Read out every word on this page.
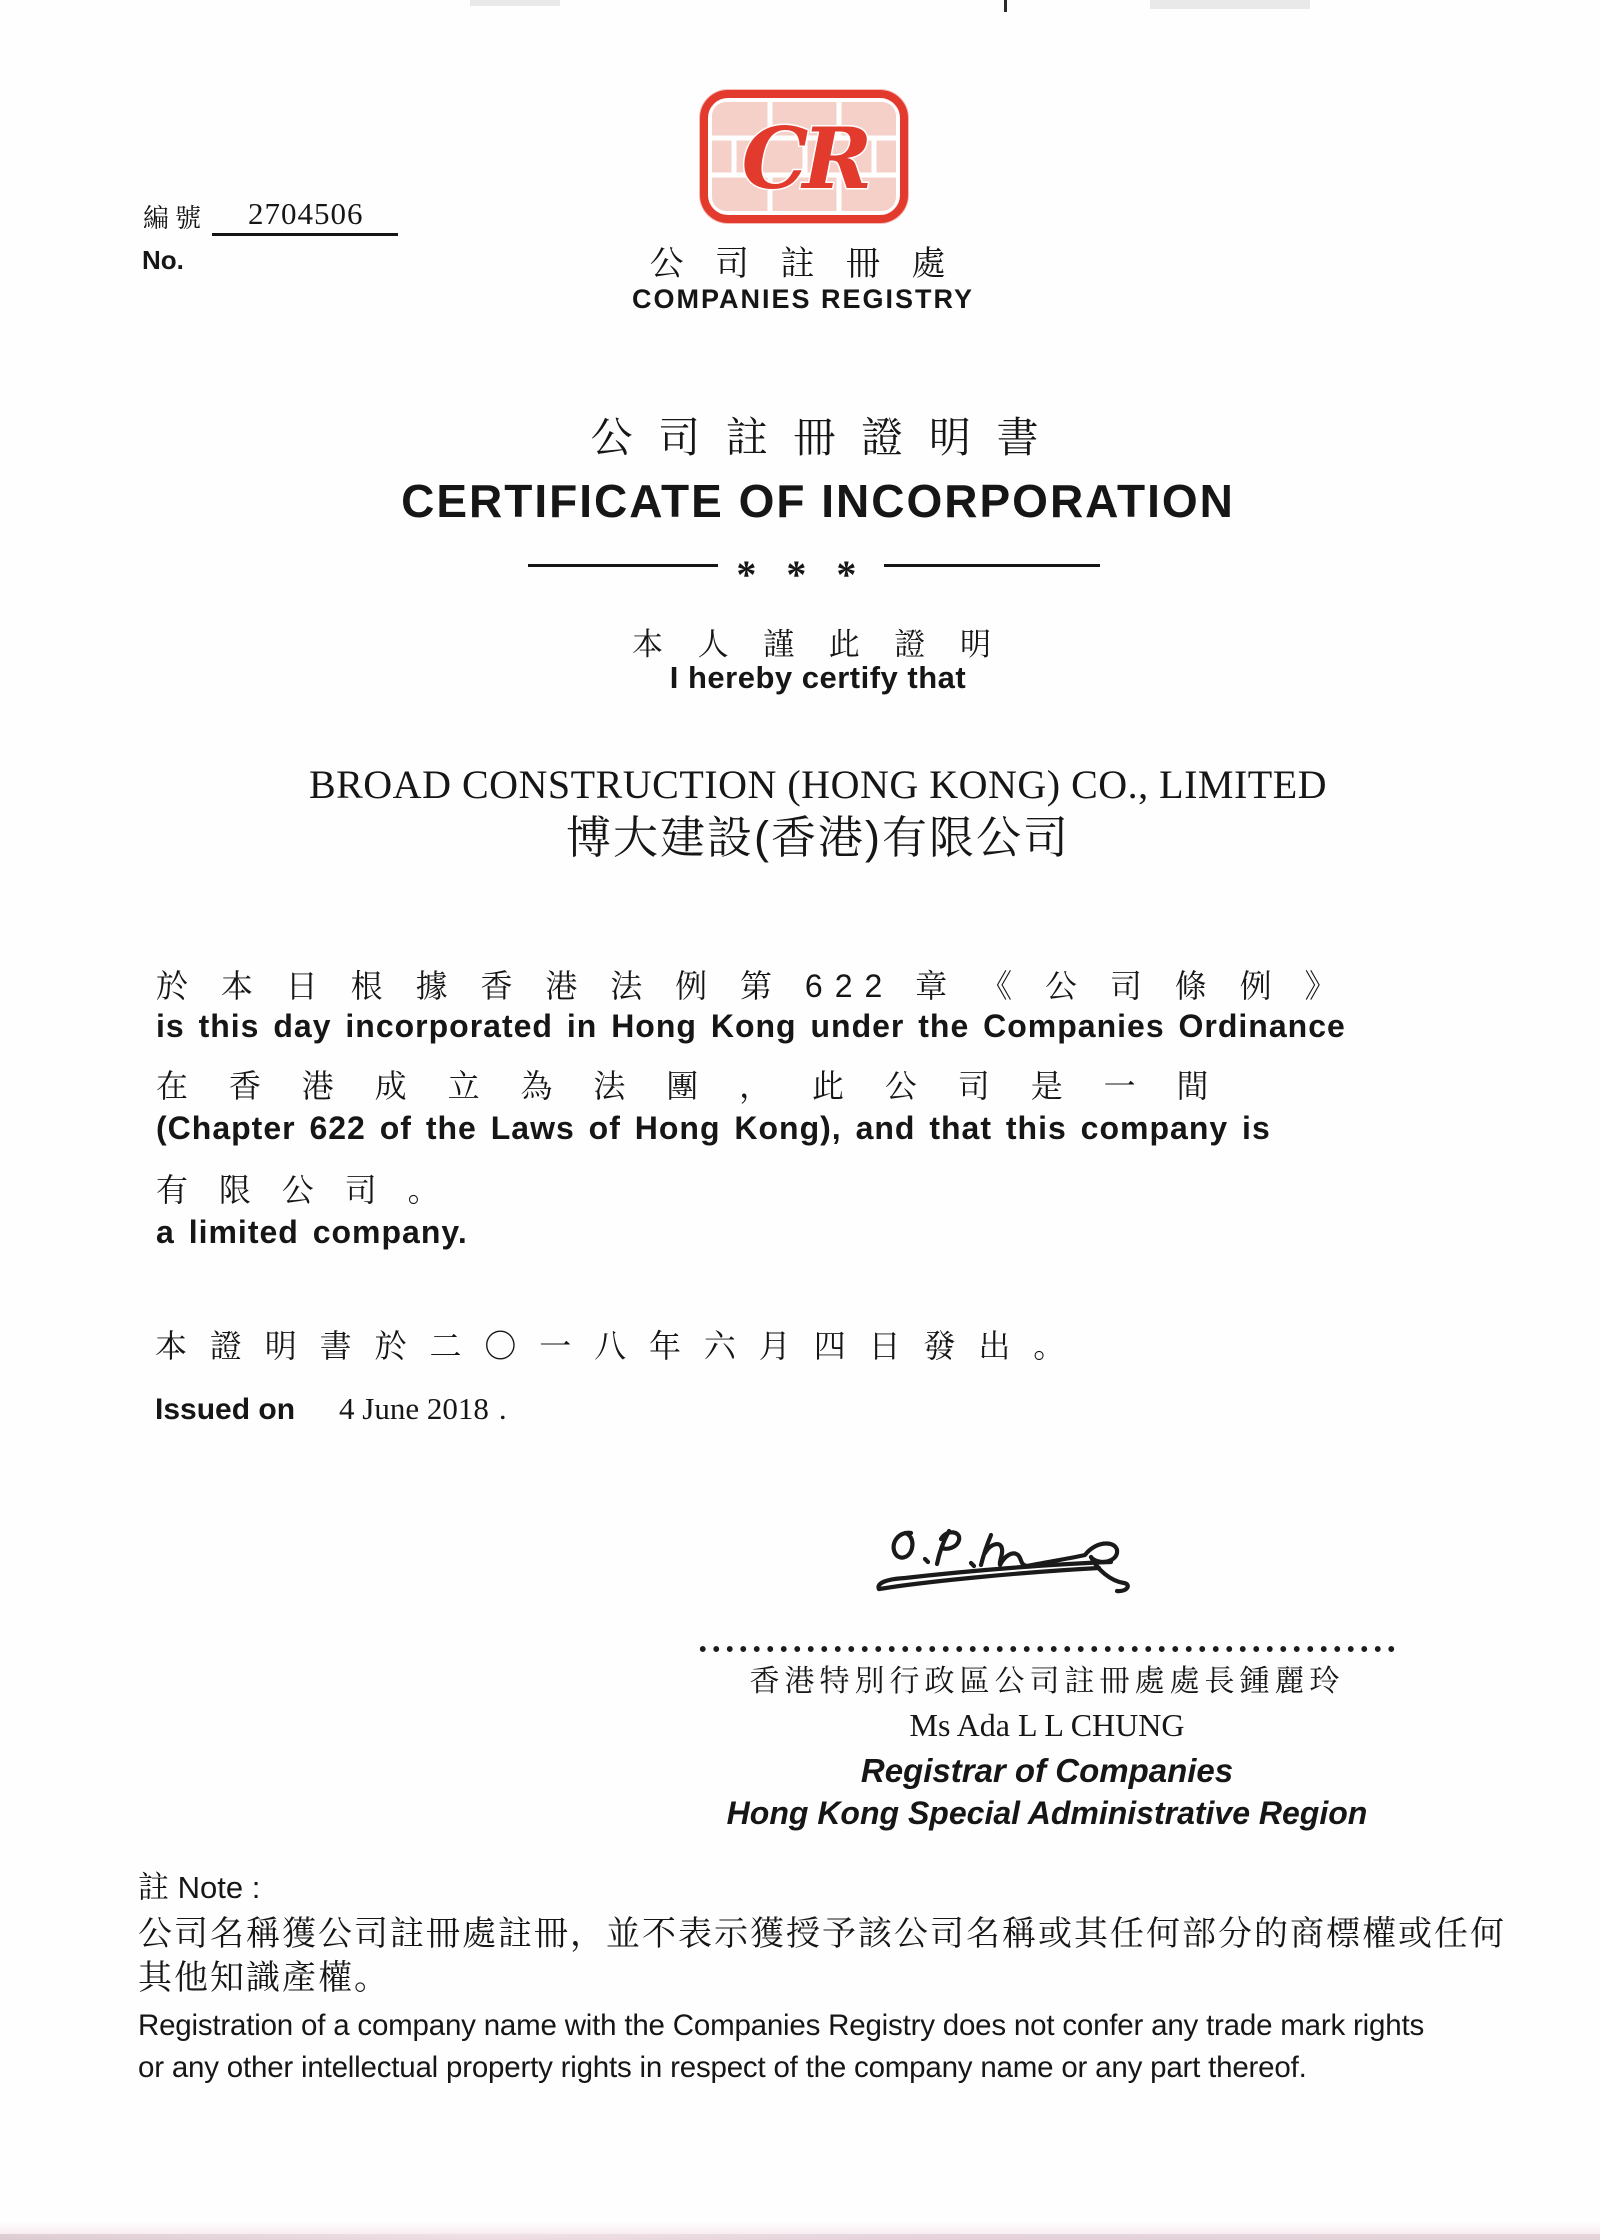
編號 2704506
No.
CR
公 司 註 冊 處
COMPANIES REGISTRY
公 司 註 冊 證 明 書
CERTIFICATE OF INCORPORATION
* * *
本 人 謹 此 證 明
I hereby certify that
BROAD CONSTRUCTION (HONG KONG) CO., LIMITED
博大建設(香港)有限公司
於 本 日 根 據 香 港 法 例 第 622 章 《 公 司 條 例 》
is this day incorporated in Hong Kong under the Companies Ordinance
在 香 港 成 立 為 法 團 ， 此 公 司 是 一 間
(Chapter 622 of the Laws of Hong Kong), and that this company is
有 限 公 司 。
a limited company.
本 證 明 書 於 二 〇 一 八 年 六 月 四 日 發 出 。
Issued on 4 June 2018 .
香港特別行政區公司註冊處處長鍾麗玲
Ms Ada L L CHUNG
Registrar of Companies
Hong Kong Special Administrative Region
註 Note :
公司名稱獲公司註冊處註冊，並不表示獲授予該公司名稱或其任何部分的商標權或任何
其他知識產權。
Registration of a company name with the Companies Registry does not confer any trade mark rights
or any other intellectual property rights in respect of the company name or any part thereof.
